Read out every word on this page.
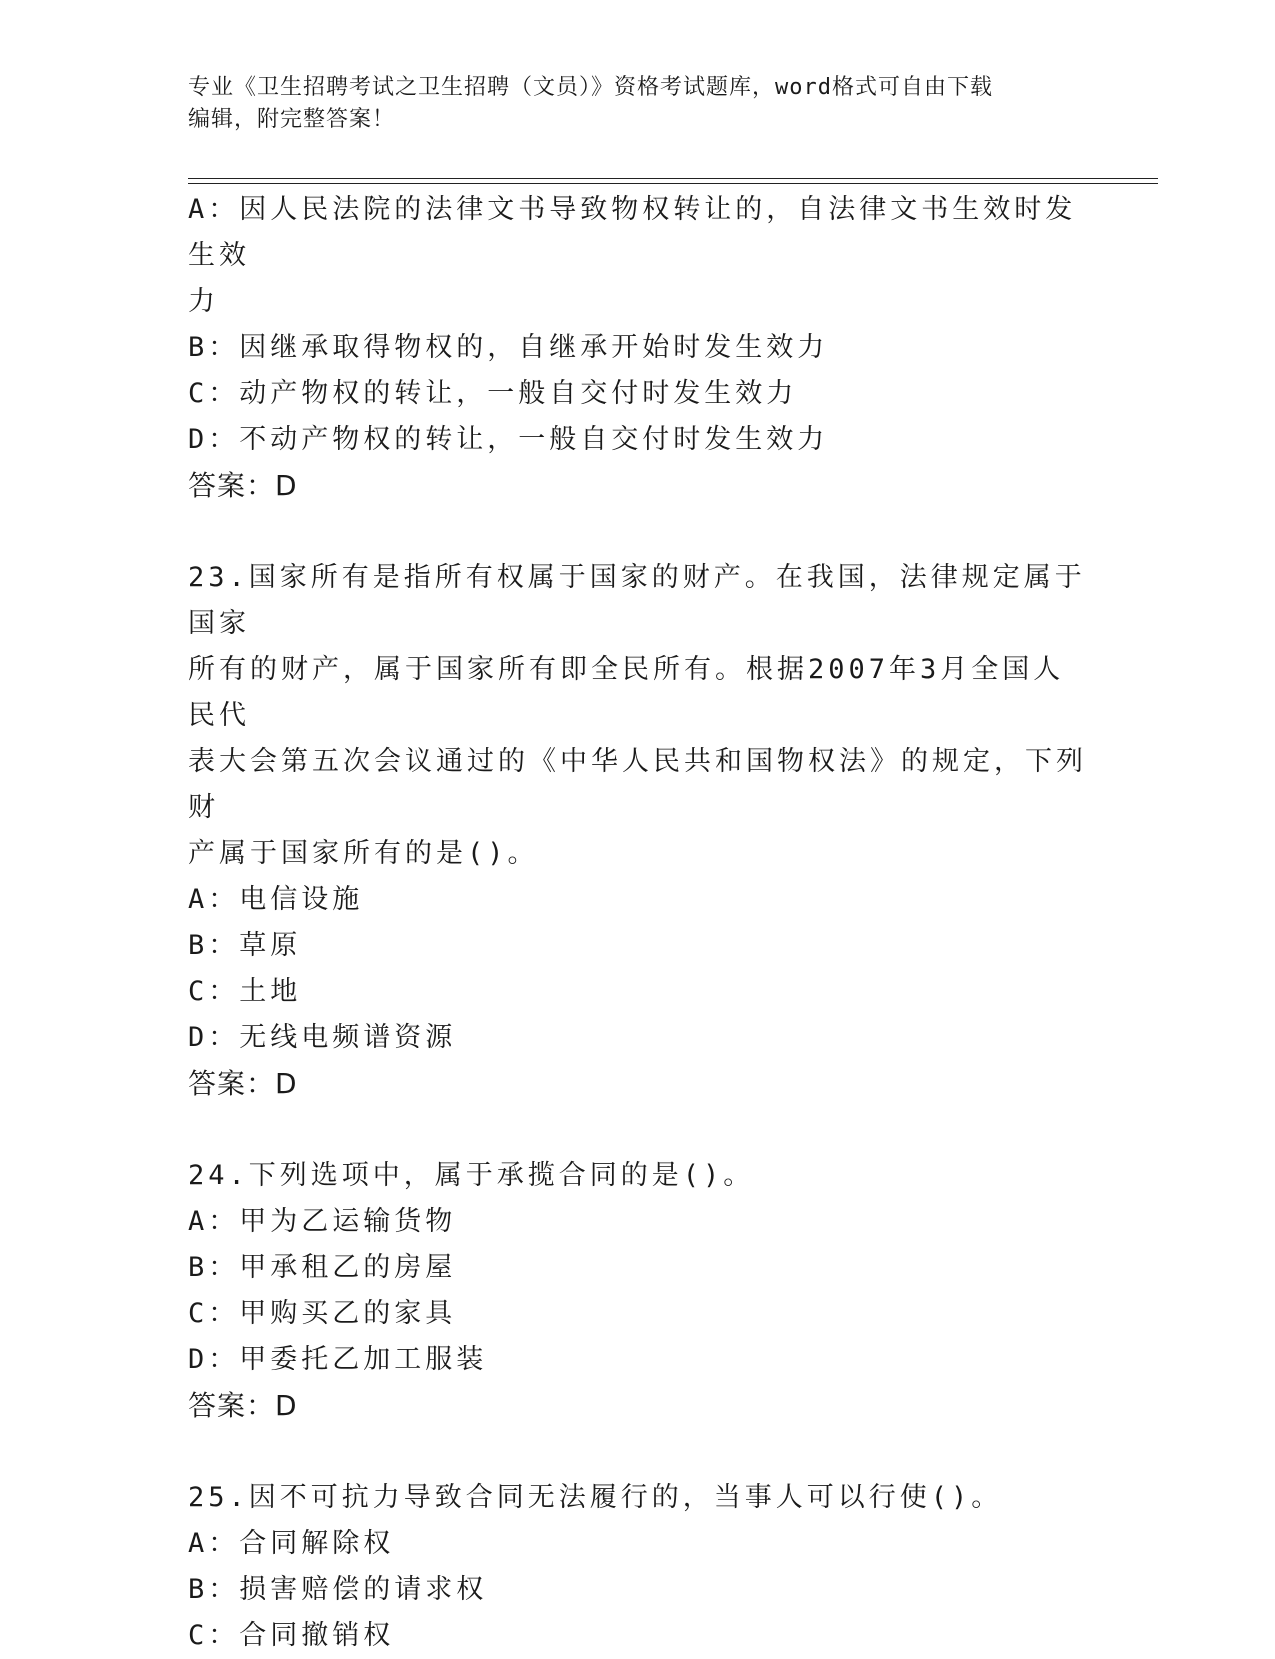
专业《卫生招聘考试之卫生招聘（文员）》资格考试题库，word格式可自由下载

编辑，附完整答案！

A：因人民法院的法律文书导致物权转让的，自法律文书生效时发生效

力

B：因继承取得物权的，自继承开始时发生效力

C：动产物权的转让，一般自交付时发生效力

D：不动产物权的转让，一般自交付时发生效力

答案：D

23.国家所有是指所有权属于国家的财产。在我国，法律规定属于国家

所有的财产，属于国家所有即全民所有。根据2007年3月全国人民代

表大会第五次会议通过的《中华人民共和国物权法》的规定，下列财

产属于国家所有的是()。

A：电信设施

B：草原

C：土地

D：无线电频谱资源

答案：D

24.下列选项中，属于承揽合同的是()。

A：甲为乙运输货物

B：甲承租乙的房屋

C：甲购买乙的家具

D：甲委托乙加工服装

答案：D

25.因不可抗力导致合同无法履行的，当事人可以行使()。

A：合同解除权

B：损害赔偿的请求权

C：合同撤销权
